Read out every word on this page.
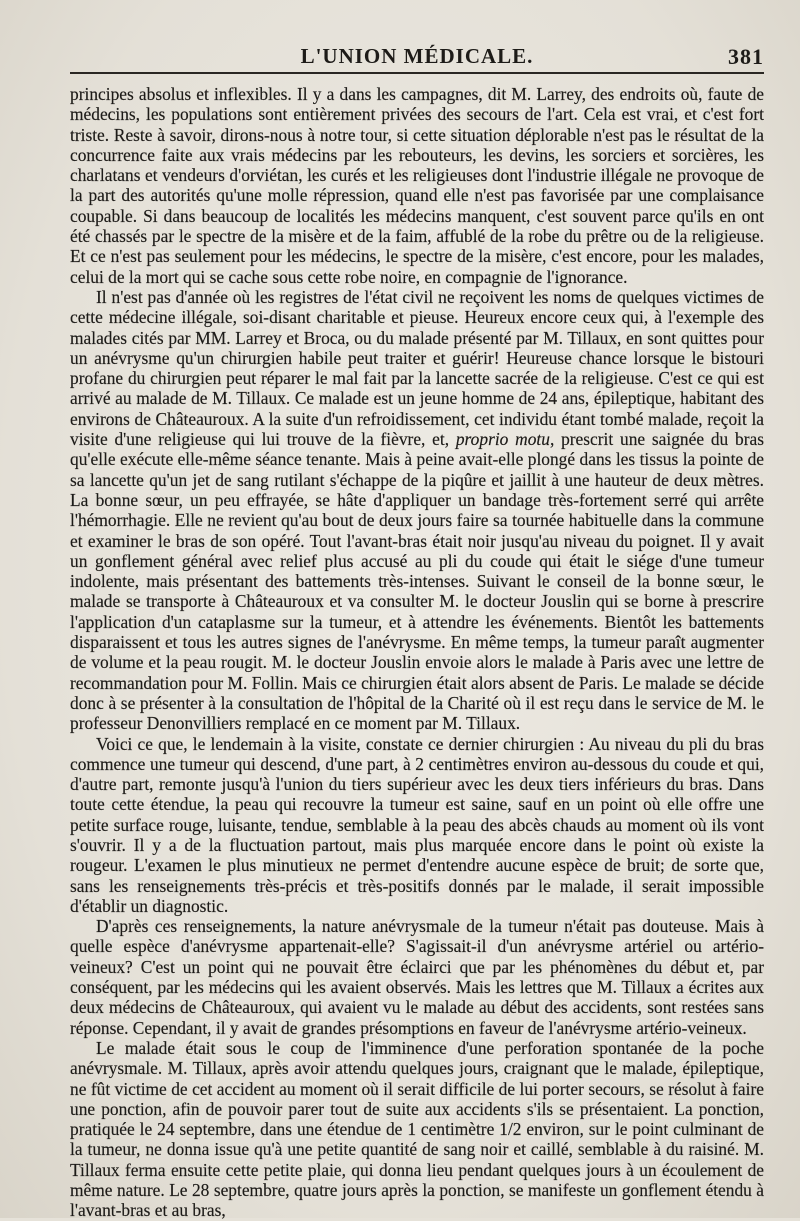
L'UNION MÉDICALE.	381

principes absolus et inflexibles. Il y a dans les campagnes, dit M. Larrey, des endroits où, faute de médecins, les populations sont entièrement privées des secours de l'art. Cela est vrai, et c'est fort triste. Reste à savoir, dirons-nous à notre tour, si cette situation déplorable n'est pas le résultat de la concurrence faite aux vrais médecins par les rebouteurs, les devins, les sorciers et sorcières, les charlatans et vendeurs d'orviétan, les curés et les religieuses dont l'industrie illégale ne provoque de la part des autorités qu'une molle répression, quand elle n'est pas favorisée par une complaisance coupable. Si dans beaucoup de localités les médecins manquent, c'est souvent parce qu'ils en ont été chassés par le spectre de la misère et de la faim, affublé de la robe du prêtre ou de la religieuse. Et ce n'est pas seulement pour les médecins, le spectre de la misère, c'est encore, pour les malades, celui de la mort qui se cache sous cette robe noire, en compagnie de l'ignorance.

Il n'est pas d'année où les registres de l'état civil ne reçoivent les noms de quelques victimes de cette médecine illégale, soi-disant charitable et pieuse. Heureux encore ceux qui, à l'exemple des malades cités par MM. Larrey et Broca, ou du malade présenté par M. Tillaux, en sont quittes pour un anévrysme qu'un chirurgien habile peut traiter et guérir! Heureuse chance lorsque le bistouri profane du chirurgien peut réparer le mal fait par la lancette sacrée de la religieuse. C'est ce qui est arrivé au malade de M. Tillaux. Ce malade est un jeune homme de 24 ans, épileptique, habitant des environs de Châteauroux. A la suite d'un refroidissement, cet individu étant tombé malade, reçoit la visite d'une religieuse qui lui trouve de la fièvre, et, proprio motu, prescrit une saignée du bras qu'elle exécute elle-même séance tenante. Mais à peine avait-elle plongé dans les tissus la pointe de sa lancette qu'un jet de sang rutilant s'échappe de la piqûre et jaillit à une hauteur de deux mètres. La bonne sœur, un peu effrayée, se hâte d'appliquer un bandage très-fortement serré qui arrête l'hémorrhagie. Elle ne revient qu'au bout de deux jours faire sa tournée habituelle dans la commune et examiner le bras de son opéré. Tout l'avant-bras était noir jusqu'au niveau du poignet. Il y avait un gonflement général avec relief plus accusé au pli du coude qui était le siége d'une tumeur indolente, mais présentant des battements très-intenses. Suivant le conseil de la bonne sœur, le malade se transporte à Châteauroux et va consulter M. le docteur Jouslin qui se borne à prescrire l'application d'un cataplasme sur la tumeur, et à attendre les événements. Bientôt les battements disparaissent et tous les autres signes de l'anévrysme. En même temps, la tumeur paraît augmenter de volume et la peau rougit. M. le docteur Jouslin envoie alors le malade à Paris avec une lettre de recommandation pour M. Follin. Mais ce chirurgien était alors absent de Paris. Le malade se décide donc à se présenter à la consultation de l'hôpital de la Charité où il est reçu dans le service de M. le professeur Denonvilliers remplacé en ce moment par M. Tillaux.

Voici ce que, le lendemain à la visite, constate ce dernier chirurgien : Au niveau du pli du bras commence une tumeur qui descend, d'une part, à 2 centimètres environ au-dessous du coude et qui, d'autre part, remonte jusqu'à l'union du tiers supérieur avec les deux tiers inférieurs du bras. Dans toute cette étendue, la peau qui recouvre la tumeur est saine, sauf en un point où elle offre une petite surface rouge, luisante, tendue, semblable à la peau des abcès chauds au moment où ils vont s'ouvrir. Il y a de la fluctuation partout, mais plus marquée encore dans le point où existe la rougeur. L'examen le plus minutieux ne permet d'entendre aucune espèce de bruit; de sorte que, sans les renseignements très-précis et très-positifs donnés par le malade, il serait impossible d'établir un diagnostic.

D'après ces renseignements, la nature anévrysmale de la tumeur n'était pas douteuse. Mais à quelle espèce d'anévrysme appartenait-elle? S'agissait-il d'un anévrysme artériel ou artério-veineux? C'est un point qui ne pouvait être éclairci que par les phénomènes du début et, par conséquent, par les médecins qui les avaient observés. Mais les lettres que M. Tillaux a écrites aux deux médecins de Châteauroux, qui avaient vu le malade au début des accidents, sont restées sans réponse. Cependant, il y avait de grandes présomptions en faveur de l'anévrysme artério-veineux.

Le malade était sous le coup de l'imminence d'une perforation spontanée de la poche anévrysmale. M. Tillaux, après avoir attendu quelques jours, craignant que le malade, épileptique, ne fût victime de cet accident au moment où il serait difficile de lui porter secours, se résolut à faire une ponction, afin de pouvoir parer tout de suite aux accidents s'ils se présentaient. La ponction, pratiquée le 24 septembre, dans une étendue de 1 centimètre 1/2 environ, sur le point culminant de la tumeur, ne donna issue qu'à une petite quantité de sang noir et caillé, semblable à du raisiné. M. Tillaux ferma ensuite cette petite plaie, qui donna lieu pendant quelques jours à un écoulement de même nature. Le 28 septembre, quatre jours après la ponction, se manifeste un gonflement étendu à l'avant-bras et au bras,
